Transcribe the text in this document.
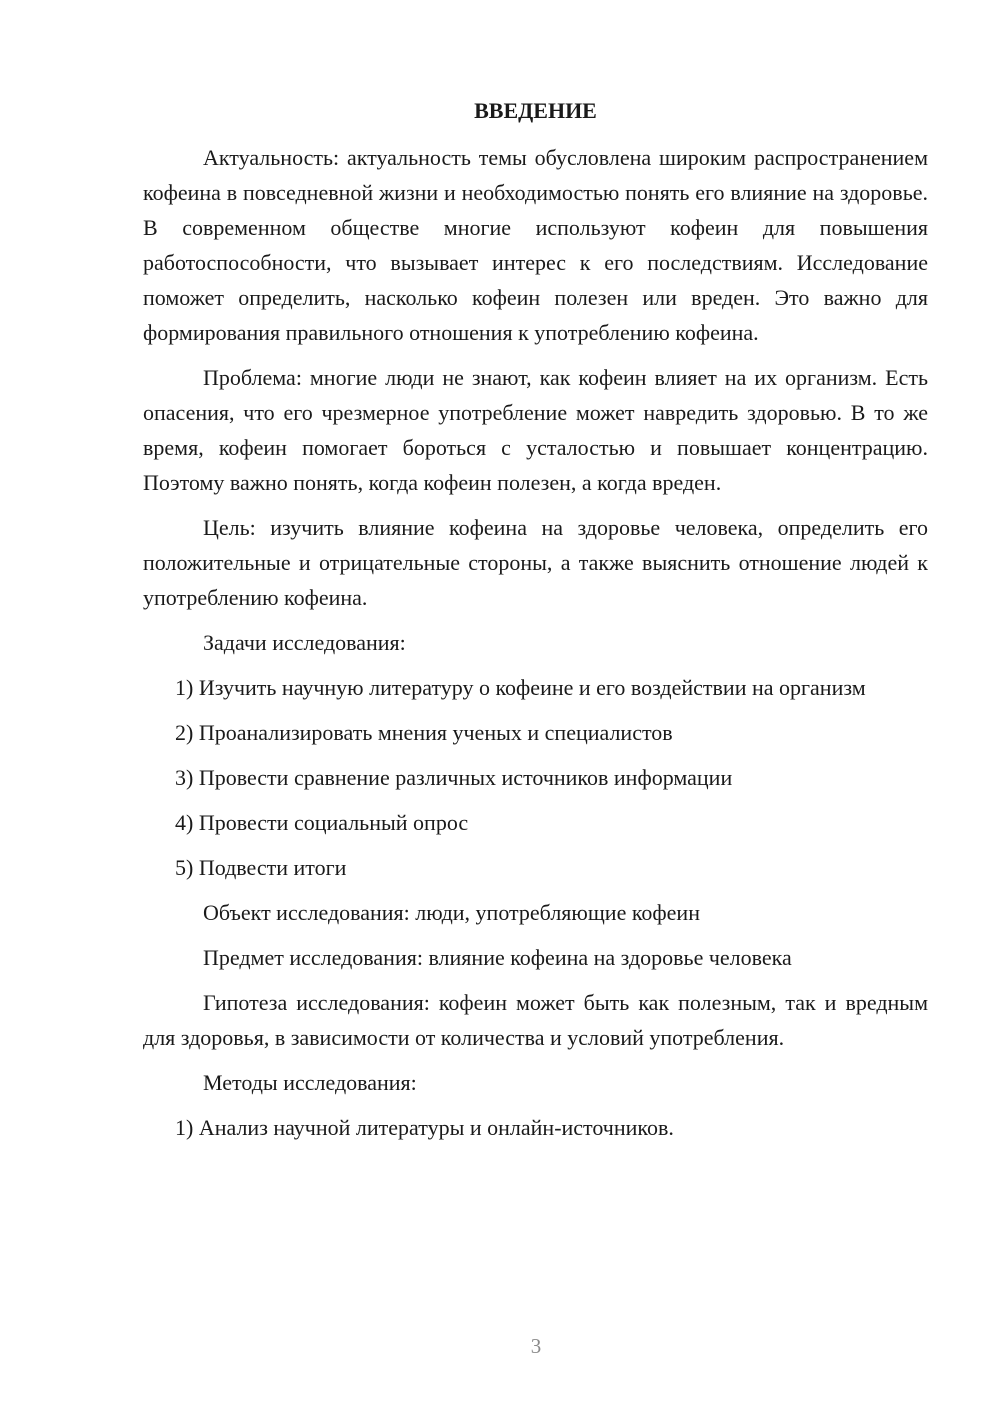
ВВЕДЕНИЕ

Актуальность: актуальность темы обусловлена широким распространением кофеина в повседневной жизни и необходимостью понять его влияние на здоровье. В современном обществе многие используют кофеин для повышения работоспособности, что вызывает интерес к его последствиям. Исследование поможет определить, насколько кофеин полезен или вреден. Это важно для формирования правильного отношения к употреблению кофеина.

Проблема: многие люди не знают, как кофеин влияет на их организм. Есть опасения, что его чрезмерное употребление может навредить здоровью. В то же время, кофеин помогает бороться с усталостью и повышает концентрацию. Поэтому важно понять, когда кофеин полезен, а когда вреден.

Цель: изучить влияние кофеина на здоровье человека, определить его положительные и отрицательные стороны, а также выяснить отношение людей к употреблению кофеина.

Задачи исследования:

1) Изучить научную литературу о кофеине и его воздействии на организм

2) Проанализировать мнения ученых и специалистов

3) Провести сравнение различных источников информации

4) Провести социальный опрос

5) Подвести итоги

Объект исследования: люди, употребляющие кофеин

Предмет исследования: влияние кофеина на здоровье человека

Гипотеза исследования: кофеин может быть как полезным, так и вредным для здоровья, в зависимости от количества и условий употребления.

Методы исследования:

1) Анализ научной литературы и онлайн-источников.

3
